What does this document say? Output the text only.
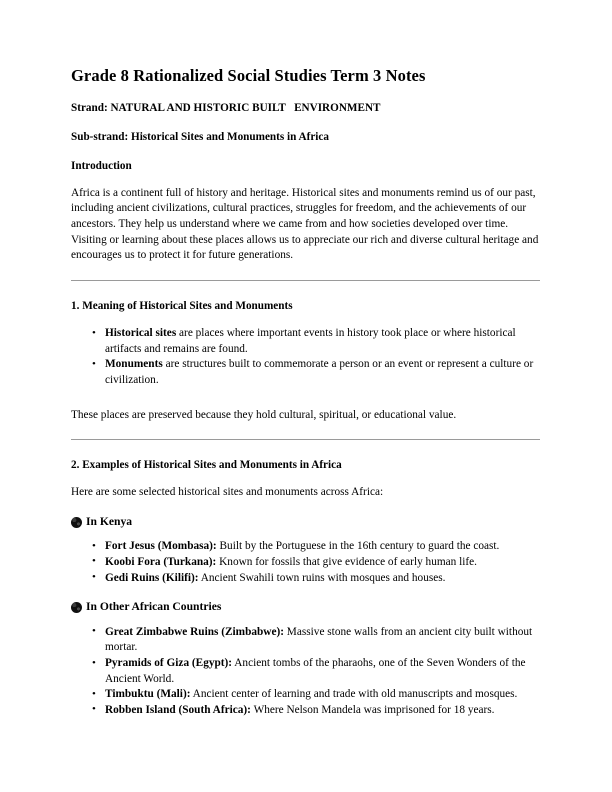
Grade 8 Rationalized Social Studies Term 3 Notes
Strand: NATURAL AND HISTORIC BUILT   ENVIRONMENT
Sub-strand: Historical Sites and Monuments in Africa
Introduction

Africa is a continent full of history and heritage. Historical sites and monuments remind us of our past, including ancient civilizations, cultural practices, struggles for freedom, and the achievements of our ancestors. They help us understand where we came from and how societies developed over time. Visiting or learning about these places allows us to appreciate our rich and diverse cultural heritage and encourages us to protect it for future generations.

1. Meaning of Historical Sites and Monuments
• Historical sites are places where important events in history took place or where historical artifacts and remains are found.
• Monuments are structures built to commemorate a person or an event or represent a culture or civilization.

These places are preserved because they hold cultural, spiritual, or educational value.

2. Examples of Historical Sites and Monuments in Africa

Here are some selected historical sites and monuments across Africa:

In Kenya
• Fort Jesus (Mombasa): Built by the Portuguese in the 16th century to guard the coast.
• Koobi Fora (Turkana): Known for fossils that give evidence of early human life.
• Gedi Ruins (Kilifi): Ancient Swahili town ruins with mosques and houses.
In Other African Countries
• Great Zimbabwe Ruins (Zimbabwe): Massive stone walls from an ancient city built without mortar.
• Pyramids of Giza (Egypt): Ancient tombs of the pharaohs, one of the Seven Wonders of the Ancient World.
• Timbuktu (Mali): Ancient center of learning and trade with old manuscripts and mosques.
• Robben Island (South Africa): Where Nelson Mandela was imprisoned for 18 years.
